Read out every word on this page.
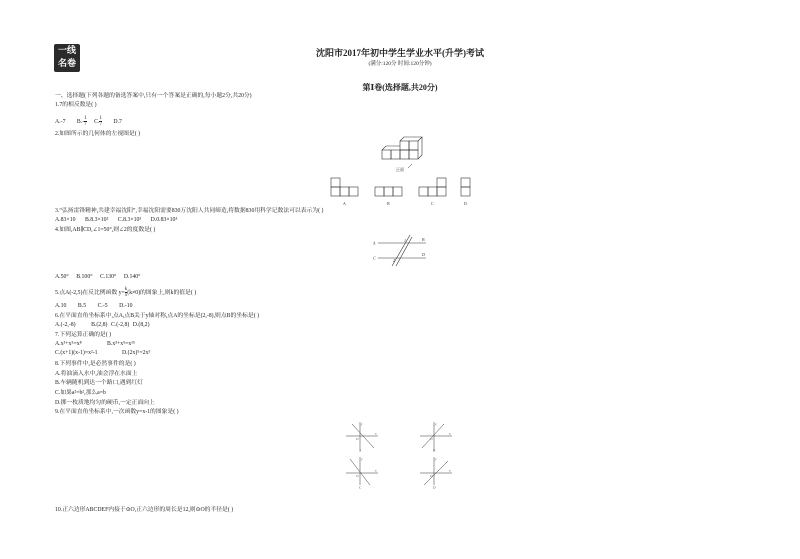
一线
名卷
沈阳市2017年初中学生学业水平(升学)考试
(满分:120分 时间:120分钟)
第Ⅰ卷(选择题,共20分)
一、选择题(下列各题的备选答案中,只有一个答案是正确的,每小题2分,共20分)
1.7的相反数是( )
A.-7 $B.- \frac{1}{7} C$. $\frac{1}{7} D.7$
2.如图所示的几何体的左视图是( )
正面
A	B	C	D
3.“弘扬雷锋精神,共建幸福沈阳”,幸福沈阳需要830万沈阳人共同缔造,将数据830用科学记数法可以表示为( )
A.83×10 B.8.3×10² C.8.3×10³ D.0.83×10³
4.如图,AB∥CD,∠1=50°,则∠2的度数是( )
A
B
C
D
1
2
A.50° B.100° C.130° D.140°
5.点A(-2,5)在反比例函数 $y= \frac{k}{x} (k\ne 0)$的图象上,则k的值是( )
A.10 B.5 C.-5 D.-10
6.在平面直角坐标系中,点A,点B关于y轴对称,点A的坐标是(2,-8),则点B的坐标是( )
A.(-2,-8)	B.(2,8) C.(-2,8) D.(8,2)
7.下列运算正确的是( )
A.x³+x⁵=x⁸	B.x³+x⁵=x¹⁵
C.(x+1)(x-1)=x²-1	D.(2x)⁵=2x⁵
8.下列事件中,是必然事件的是( )
A.将油滴入水中,油会浮在水面上
B.车辆随机到达一个路口,遇到红灯
C.如果a²=b²,那么a=b
D.掷一枚质地均匀的硬币,一定正面向上
9.在平面直角坐标系中,一次函数y=x-1的图象是( )
y
x
O
A
y
x
O
B
y
x
O
C
y
x
O
D
10.正六边形ABCDEF内接于⊙O,正六边形的周长是12,则⊙O的半径是( )
